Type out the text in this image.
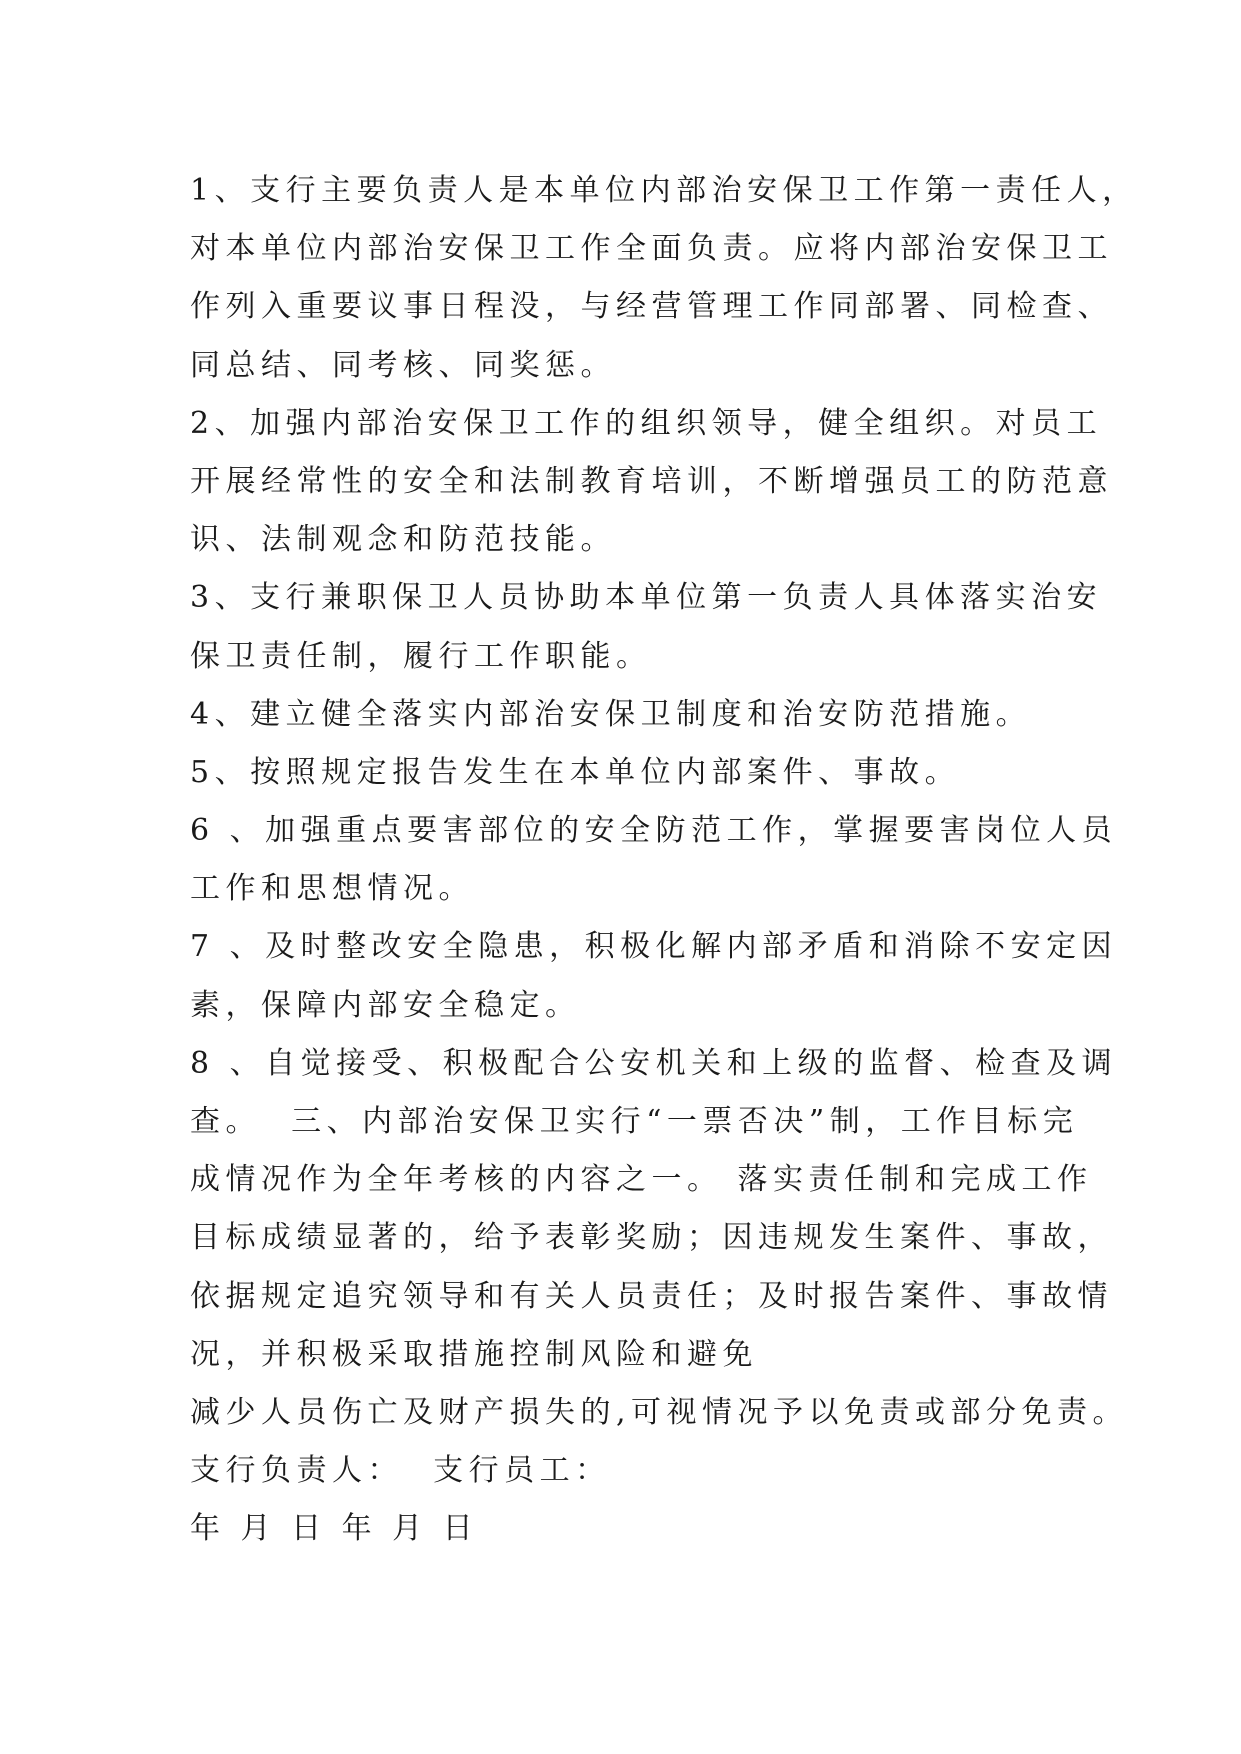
1、支行主要负责人是本单位内部治安保卫工作第一责任人，
对本单位内部治安保卫工作全面负责。应将内部治安保卫工
作列入重要议事日程没，与经营管理工作同部署、同检查、
同总结、同考核、同奖惩。
2、加强内部治安保卫工作的组织领导，健全组织。对员工
开展经常性的安全和法制教育培训，不断增强员工的防范意
识、法制观念和防范技能。
3、支行兼职保卫人员协助本单位第一负责人具体落实治安
保卫责任制，履行工作职能。
4、建立健全落实内部治安保卫制度和治安防范措施。
5、按照规定报告发生在本单位内部案件、事故。
6 、加强重点要害部位的安全防范工作，掌握要害岗位人员
工作和思想情况。
7 、及时整改安全隐患，积极化解内部矛盾和消除不安定因
素，保障内部安全稳定。
8 、自觉接受、积极配合公安机关和上级的监督、检查及调
查。  三、内部治安保卫实行“一票否决”制，工作目标完
成情况作为全年考核的内容之一。 落实责任制和完成工作
目标成绩显著的，给予表彰奖励；因违规发生案件、事故，
依据规定追究领导和有关人员责任；及时报告案件、事故情
况，并积极采取措施控制风险和避免
减少人员伤亡及财产损失的,可视情况予以免责或部分免责。
支行负责人：  支行员工：
年 月 日 年 月 日
